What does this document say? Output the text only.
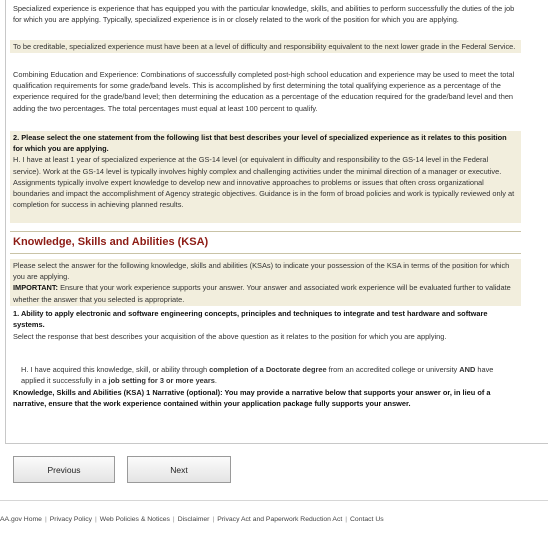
Specialized experience is experience that has equipped you with the particular knowledge, skills, and abilities to perform successfully the duties of the job for which you are applying. Typically, specialized experience is in or closely related to the work of the position for which you are applying.

To be creditable, specialized experience must have been at a level of difficulty and responsibility equivalent to the next lower grade in the Federal Service.

Combining Education and Experience: Combinations of successfully completed post-high school education and experience may be used to meet the total qualification requirements for some grade/band levels. This is accomplished by first determining the total qualifying experience as a percentage of the experience required for the grade/band level; then determining the education as a percentage of the education required for the grade/band level and then adding the two percentages. The total percentages must equal at least 100 percent to qualify.

2. Please select the one statement from the following list that best describes your level of specialized experience as it relates to this position for which you are applying.
H. I have at least 1 year of specialized experience at the GS-14 level (or equivalent in difficulty and responsibility to the GS-14 level in the Federal service). Work at the GS-14 level is typically involves highly complex and challenging activities under the minimal direction of a manager or executive. Assignments typically involve expert knowledge to develop new and innovative approaches to problems or issues that often cross organizational boundaries and impact the accomplishment of Agency strategic objectives. Guidance is in the form of broad policies and work is typically reviewed only at completion for success in achieving planned results.
Knowledge, Skills and Abilities (KSA)
Please select the answer for the following knowledge, skills and abilities (KSAs) to indicate your possession of the KSA in terms of the position for which you are applying.
IMPORTANT: Ensure that your work experience supports your answer. Your answer and associated work experience will be evaluated further to validate whether the answer that you selected is appropriate.

1. Ability to apply electronic and software engineering concepts, principles and techniques to integrate and test hardware and software systems.

Select the response that best describes your acquisition of the above question as it relates to the position for which you are applying.

H. I have acquired this knowledge, skill, or ability through completion of a Doctorate degree from an accredited college or university AND have applied it successfully in a job setting for 3 or more years.

Knowledge, Skills and Abilities (KSA) 1 Narrative (optional): You may provide a narrative below that supports your answer or, in lieu of a narrative, ensure that the work experience contained within your application package fully supports your answer.

Previous	Next
AA.gov Home | Privacy Policy | Web Policies & Notices | Disclaimer | Privacy Act and Paperwork Reduction Act | Contact Us
